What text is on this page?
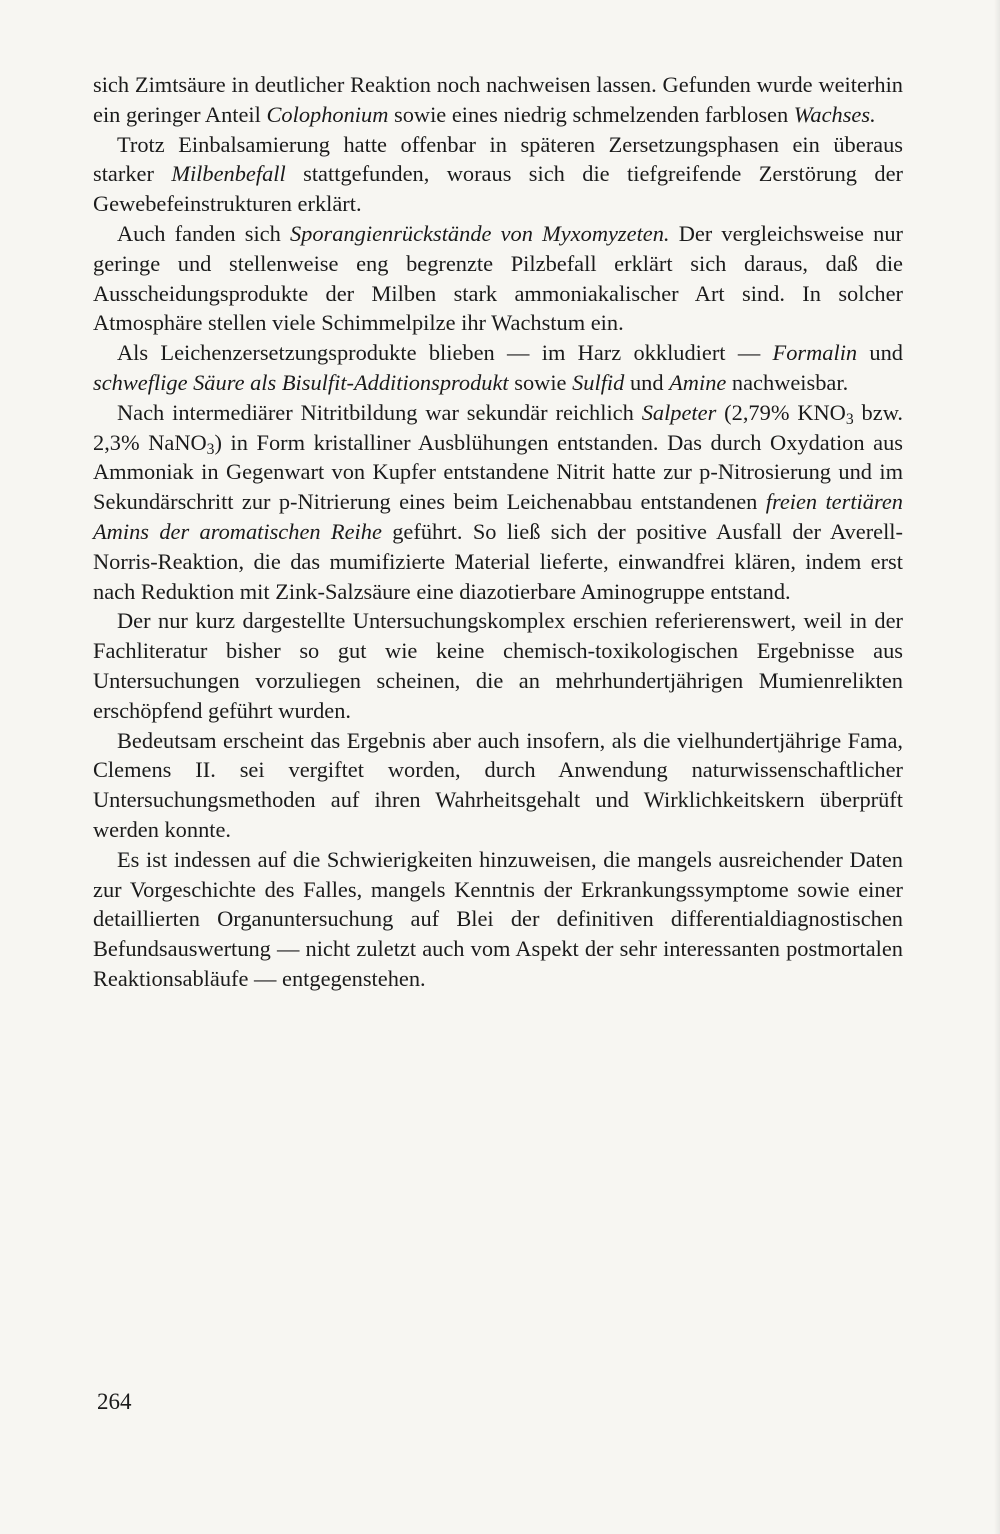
sich Zimtsäure in deutlicher Reaktion noch nachweisen lassen. Gefunden wurde weiterhin ein geringer Anteil Colophonium sowie eines niedrig schmelzenden farblosen Wachses.

Trotz Einbalsamierung hatte offenbar in späteren Zersetzungsphasen ein überaus starker Milbenbefall stattgefunden, woraus sich die tiefgreifende Zerstörung der Gewebefeinstrukturen erklärt.

Auch fanden sich Sporangienrückstände von Myxomyzeten. Der vergleichsweise nur geringe und stellenweise eng begrenzte Pilzbefall erklärt sich daraus, daß die Ausscheidungsprodukte der Milben stark ammoniakalischer Art sind. In solcher Atmosphäre stellen viele Schimmelpilze ihr Wachstum ein.

Als Leichenzersetzungsprodukte blieben — im Harz okkludiert — Formalin und schweflige Säure als Bisulfit-Additionsprodukt sowie Sulfid und Amine nachweisbar.

Nach intermediärer Nitritbildung war sekundär reichlich Salpeter (2,79% $KNO_3$ bzw. 2,3% NaNO$_3$) in Form kristalliner Ausblühungen entstanden. Das durch Oxydation aus Ammoniak in Gegenwart von Kupfer entstandene Nitrit hatte zur p-Nitrosierung und im Sekundärschritt zur p-Nitrierung eines beim Leichenabbau entstandenen freien tertiären Amins der aromatischen Reihe geführt. So ließ sich der positive Ausfall der Averell-Norris-Reaktion, die das mumifizierte Material lieferte, einwandfrei klären, indem erst nach Reduktion mit Zink-Salzsäure eine diazotierbare Aminogruppe entstand.

Der nur kurz dargestellte Untersuchungskomplex erschien referierenswert, weil in der Fachliteratur bisher so gut wie keine chemisch-toxikologischen Ergebnisse aus Untersuchungen vorzuliegen scheinen, die an mehrhundertjährigen Mumienrelikten erschöpfend geführt wurden.

Bedeutsam erscheint das Ergebnis aber auch insofern, als die vielhundertjährige Fama, Clemens II. sei vergiftet worden, durch Anwendung naturwissenschaftlicher Untersuchungsmethoden auf ihren Wahrheitsgehalt und Wirklichkeitskern überprüft werden konnte.

Es ist indessen auf die Schwierigkeiten hinzuweisen, die mangels ausreichender Daten zur Vorgeschichte des Falles, mangels Kenntnis der Erkrankungssymptome sowie einer detaillierten Organuntersuchung auf Blei der definitiven differentialdiagnostischen Befundsauswertung — nicht zuletzt auch vom Aspekt der sehr interessanten postmortalen Reaktionsabläufe — entgegenstehen.

264
